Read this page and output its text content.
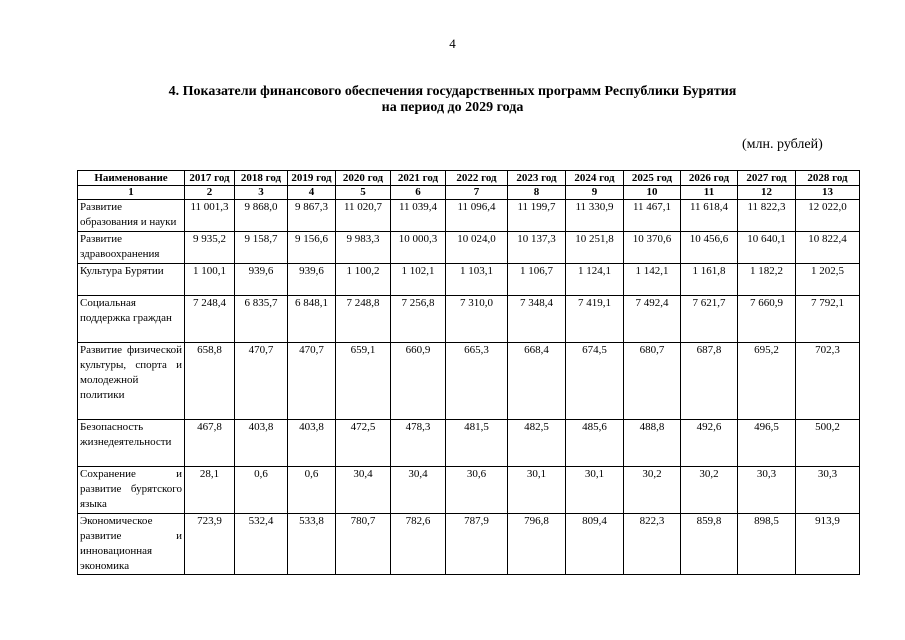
4
4. Показатели финансового обеспечения государственных программ Республики Бурятия
на период до 2029 года
(млн. рублей)
Наименование	2017 год	2018 год	2019 год	2020 год	2021 год	2022 год	2023 год	2024 год	2025 год	2026 год	2027 год	2028 год
1	2	3	4	5	6	7	8	9	10	11	12	13
Развитие образования и науки	11 001,3	9 868,0	9 867,3	11 020,7	11 039,4	11 096,4	11 199,7	11 330,9	11 467,1	11 618,4	11 822,3	12 022,0
Развитие здравоохранения	9 935,2	9 158,7	9 156,6	9 983,3	10 000,3	10 024,0	10 137,3	10 251,8	10 370,6	10 456,6	10 640,1	10 822,4
Культура Бурятии	1 100,1	939,6	939,6	1 100,2	1 102,1	1 103,1	1 106,7	1 124,1	1 142,1	1 161,8	1 182,2	1 202,5
Социальная поддержка граждан	7 248,4	6 835,7	6 848,1	7 248,8	7 256,8	7 310,0	7 348,4	7 419,1	7 492,4	7 621,7	7 660,9	7 792,1
Развитие физической культуры, спорта и молодежной политики	658,8	470,7	470,7	659,1	660,9	665,3	668,4	674,5	680,7	687,8	695,2	702,3
Безопасность жизнедеятельности	467,8	403,8	403,8	472,5	478,3	481,5	482,5	485,6	488,8	492,6	496,5	500,2
Сохранение и развитие бурятского языка	28,1	0,6	0,6	30,4	30,4	30,6	30,1	30,1	30,2	30,2	30,3	30,3
Экономическое развитие и инновационная экономика	723,9	532,4	533,8	780,7	782,6	787,9	796,8	809,4	822,3	859,8	898,5	913,9
